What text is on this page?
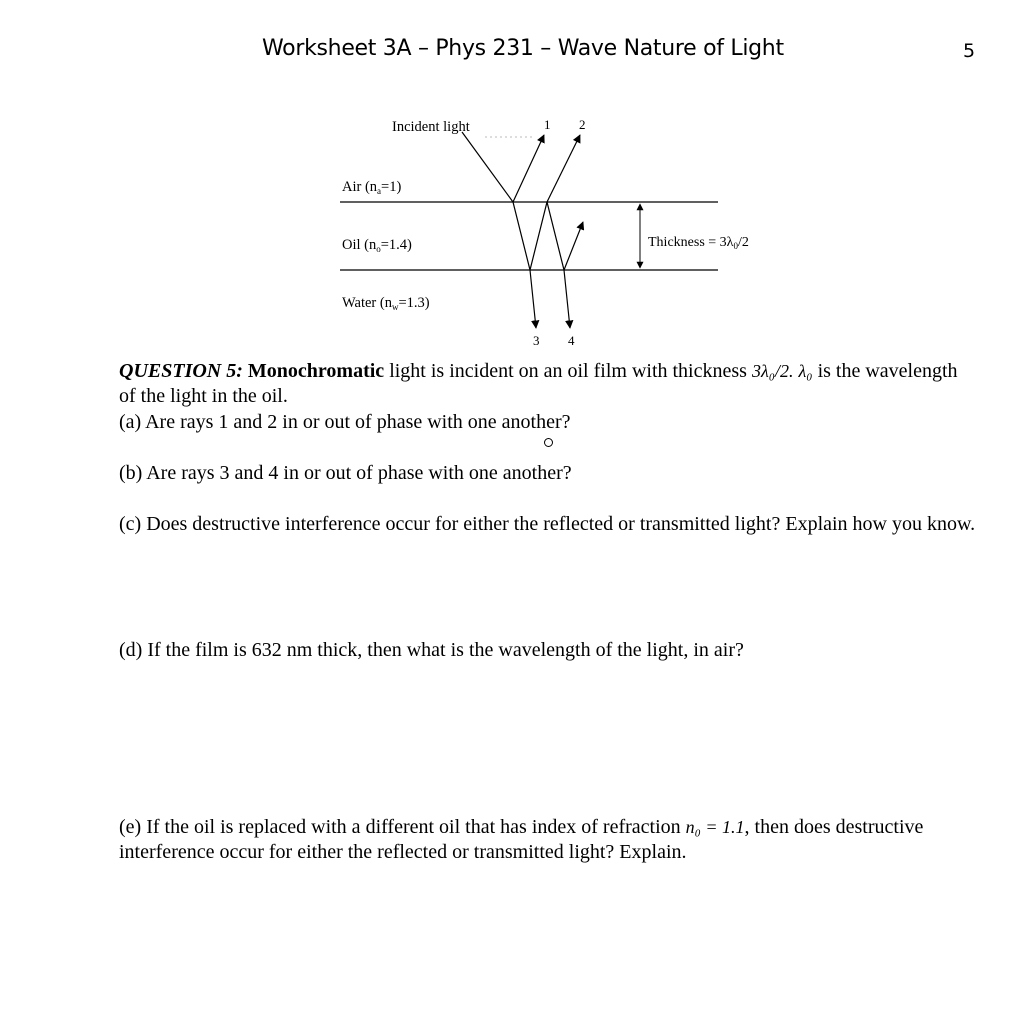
Worksheet 3A – Phys 231 – Wave Nature of Light	5
Incident light	1 2
3 4
Air $(n_a=1)$
Oil $(n_o=1.4)$
Water $(n_w=1.3)$
Thickness = $3\lambda_0/2$
QUESTION 5: Monochromatic light is incident on an oil film with thickness 3λ₀/2. λ₀ is the wavelength of the light in the oil.
(a) Are rays 1 and 2 in or out of phase with one another?
(b) Are rays 3 and 4 in or out of phase with one another?
(c) Does destructive interference occur for either the reflected or transmitted light? Explain how you know.
(d) If the film is 632 nm thick, then what is the wavelength of the light, in air?
(e) If the oil is replaced with a different oil that has index of refraction n₀ = 1.1, then does destructive interference occur for either the reflected or transmitted light? Explain.
